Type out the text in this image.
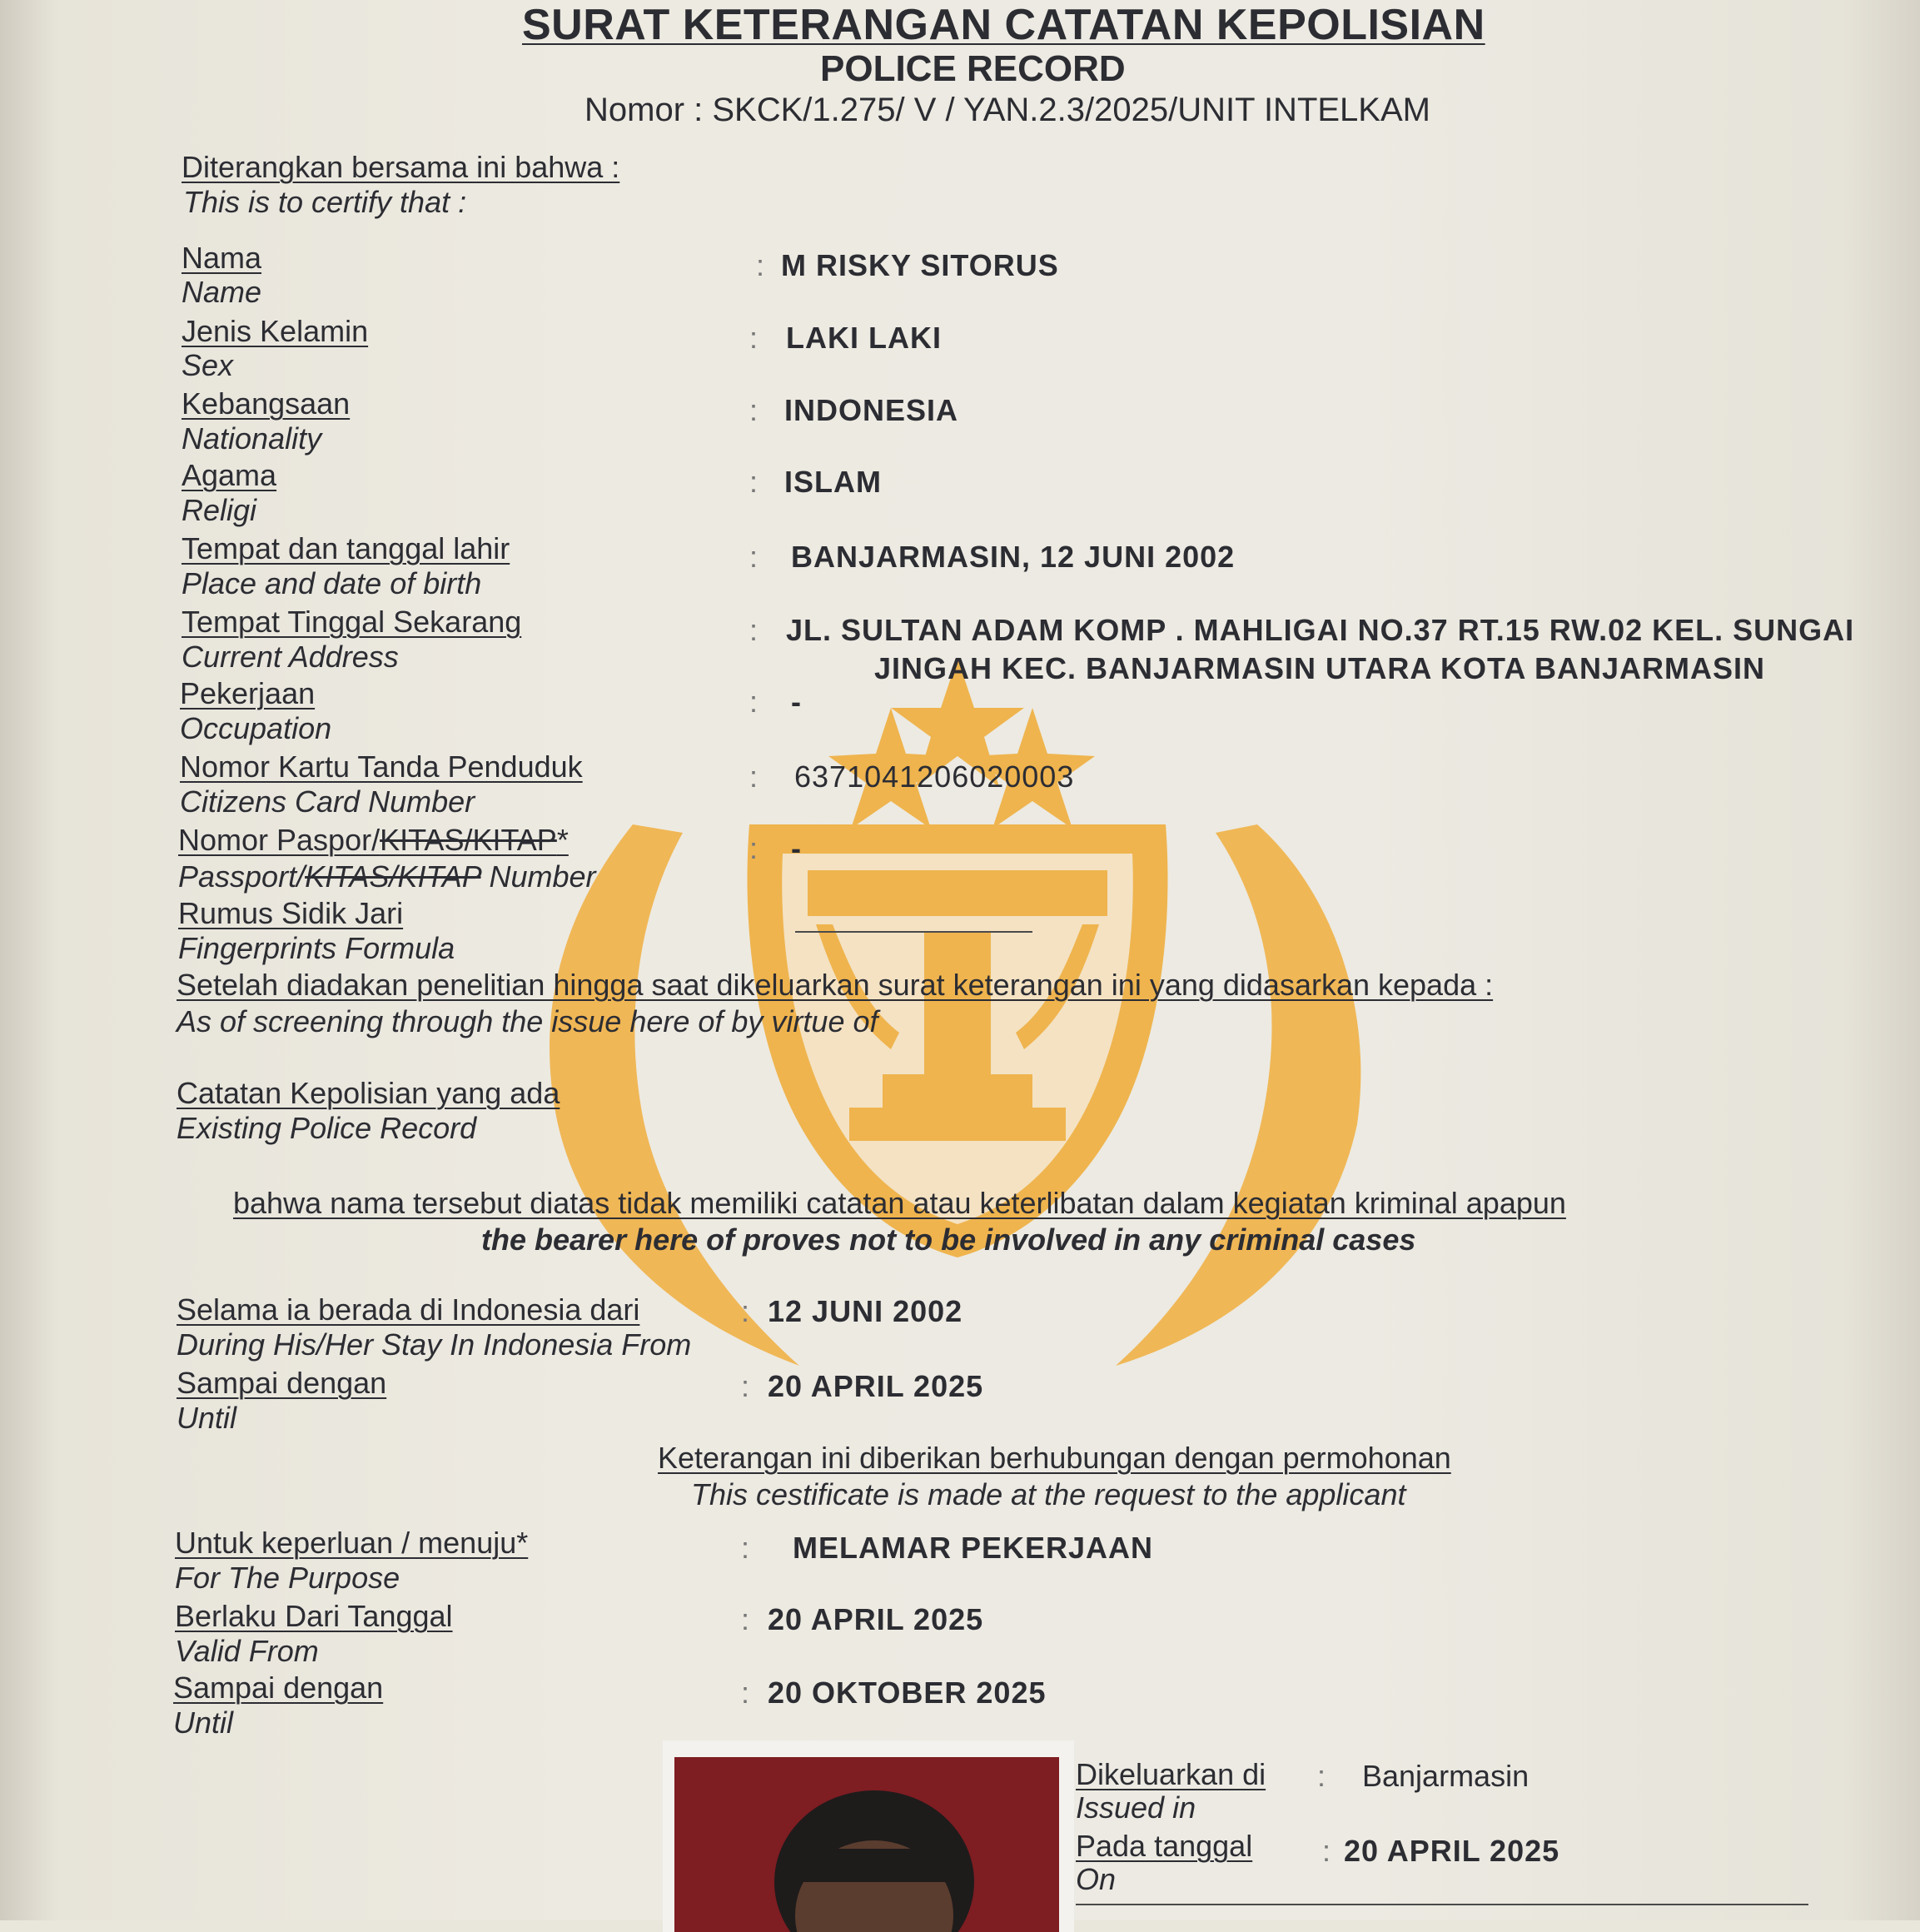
SURAT KETERANGAN CATATAN KEPOLISIAN
POLICE RECORD
Nomor : SKCK/1.275/ V / YAN.2.3/2025/UNIT INTELKAM
Diterangkan bersama ini bahwa :
This is to certify that :
Nama
Name
: M RISKY SITORUS
Jenis Kelamin
Sex
: LAKI LAKI
Kebangsaan
Nationality
: INDONESIA
Agama
Religi
: ISLAM
Tempat dan tanggal lahir
Place and date of birth
: BANJARMASIN, 12 JUNI 2002
Tempat Tinggal Sekarang
Current Address
: JL. SULTAN ADAM KOMP . MAHLIGAI NO.37 RT.15 RW.02 KEL. SUNGAI
JINGAH KEC. BANJARMASIN UTARA KOTA BANJARMASIN
Pekerjaan
Occupation
: -
Nomor Kartu Tanda Penduduk
Citizens Card Number
: 6371041206020003
Nomor Paspor/KITAS/KITAP*
Passport/KITAS/KITAP Number
: -
Rumus Sidik Jari
Fingerprints Formula
Setelah diadakan penelitian hingga saat dikeluarkan surat keterangan ini yang didasarkan kepada :
As of screening through the issue here of by virtue of
Catatan Kepolisian yang ada
Existing Police Record
bahwa nama tersebut diatas tidak memiliki catatan atau keterlibatan dalam kegiatan kriminal apapun
the bearer here of proves not to be involved in any criminal cases
Selama ia berada di Indonesia dari
During His/Her Stay In Indonesia From
: 12 JUNI 2002
Sampai dengan
Until
: 20 APRIL 2025
Keterangan ini diberikan berhubungan dengan permohonan
This cestificate is made at the request to the applicant
Untuk keperluan / menuju*
For The Purpose
: MELAMAR PEKERJAAN
Berlaku Dari Tanggal
Valid From
: 20 APRIL 2025
Sampai dengan
Until
: 20 OKTOBER 2025
Dikeluarkan di
Issued in
: Banjarmasin
Pada tanggal
On
: 20 APRIL 2025
